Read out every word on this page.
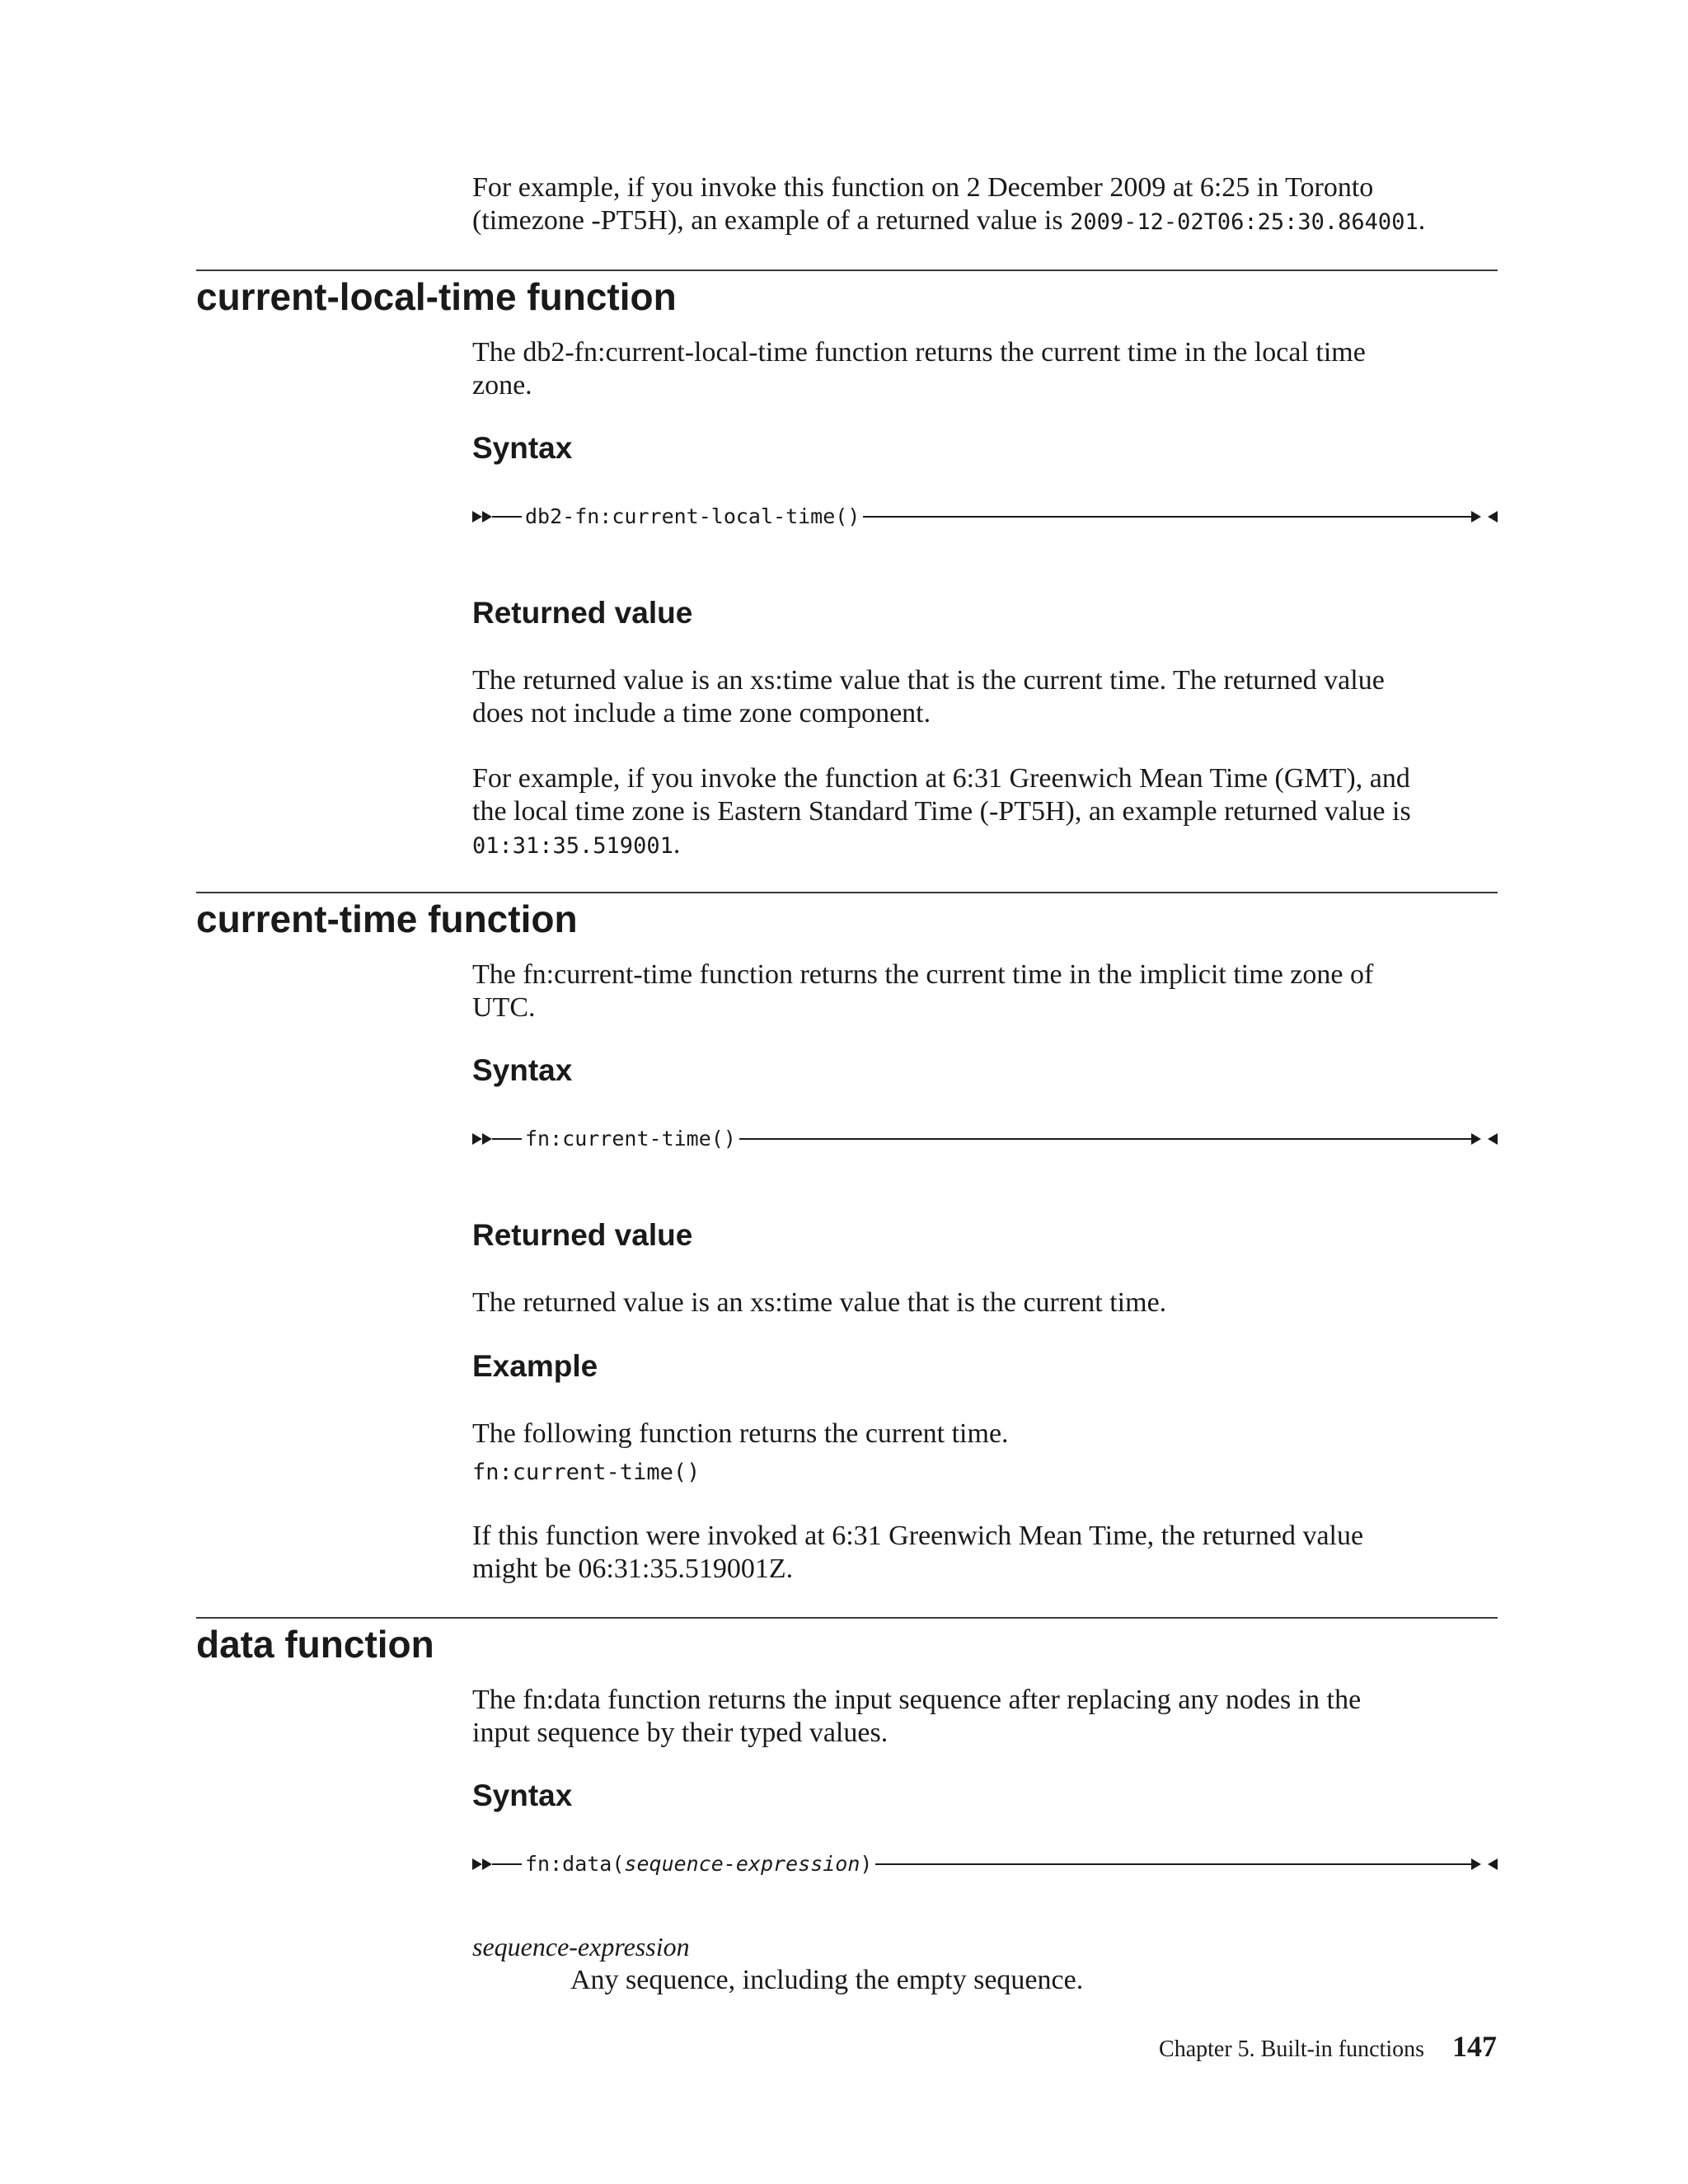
For example, if you invoke this function on 2 December 2009 at 6:25 in Toronto

(timezone -PT5H), an example of a returned value is 2009-12-02T06:25:30.864001.

current-local-time function

The db2-fn:current-local-time function returns the current time in the local time

zone.

Syntax
db2-fn:current-local-time()
Returned value

The returned value is an xs:time value that is the current time. The returned value

does not include a time zone component.

For example, if you invoke the function at 6:31 Greenwich Mean Time (GMT), and

the local time zone is Eastern Standard Time (-PT5H), an example returned value is

01:31:35.519001.

current-time function

The fn:current-time function returns the current time in the implicit time zone of

UTC.

Syntax
fn:current-time()
Returned value

The returned value is an xs:time value that is the current time.

Example

The following function returns the current time.

fn:current-time()

If this function were invoked at 6:31 Greenwich Mean Time, the returned value

might be 06:31:35.519001Z.

data function

The fn:data function returns the input sequence after replacing any nodes in the

input sequence by their typed values.

Syntax
fn:data(sequence-expression)

sequence-expression

Any sequence, including the empty sequence.

Chapter 5. Built-in functions 147
